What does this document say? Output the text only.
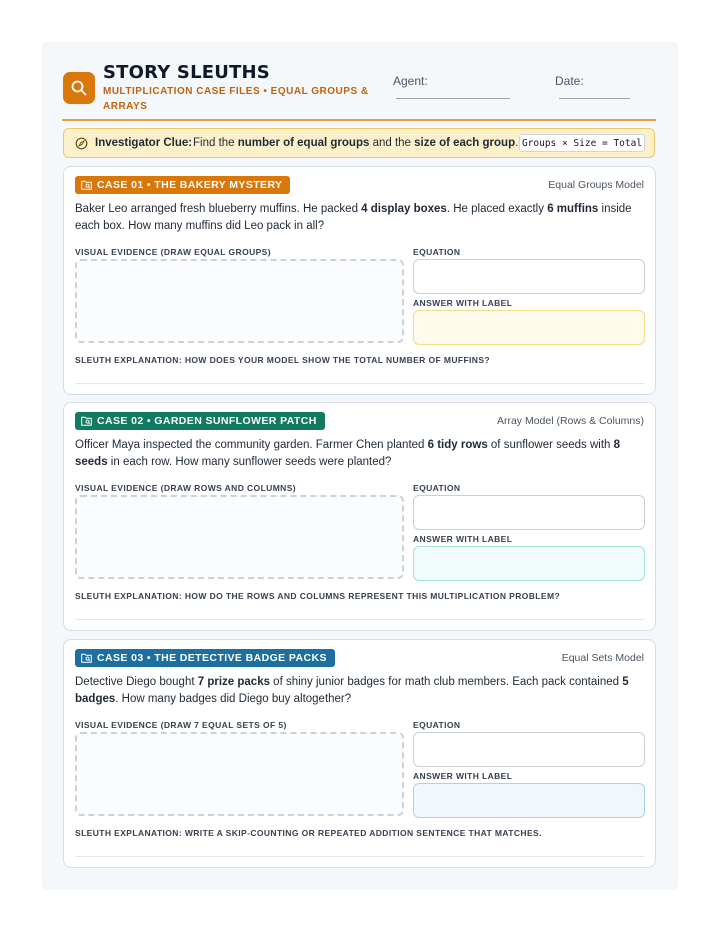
STORY SLEUTHS
MULTIPLICATION CASE FILES • EQUAL GROUPS & ARRAYS
Agent:	Date:
Investigator Clue: Find the number of equal groups and the size of each group. Groups × Size = Total
CASE 01 • THE BAKERY MYSTERY	Equal Groups Model
Baker Leo arranged fresh blueberry muffins. He packed 4 display boxes. He placed exactly 6 muffins inside each box. How many muffins did Leo pack in all?
VISUAL EVIDENCE (DRAW EQUAL GROUPS)	EQUATION
ANSWER WITH LABEL
SLEUTH EXPLANATION: HOW DOES YOUR MODEL SHOW THE TOTAL NUMBER OF MUFFINS?
CASE 02 • GARDEN SUNFLOWER PATCH	Array Model (Rows & Columns)
Officer Maya inspected the community garden. Farmer Chen planted 6 tidy rows of sunflower seeds with 8 seeds in each row. How many sunflower seeds were planted?
VISUAL EVIDENCE (DRAW ROWS AND COLUMNS)	EQUATION
ANSWER WITH LABEL
SLEUTH EXPLANATION: HOW DO THE ROWS AND COLUMNS REPRESENT THIS MULTIPLICATION PROBLEM?
CASE 03 • THE DETECTIVE BADGE PACKS	Equal Sets Model
Detective Diego bought 7 prize packs of shiny junior badges for math club members. Each pack contained 5 badges. How many badges did Diego buy altogether?
VISUAL EVIDENCE (DRAW 7 EQUAL SETS OF 5)	EQUATION
ANSWER WITH LABEL
SLEUTH EXPLANATION: WRITE A SKIP-COUNTING OR REPEATED ADDITION SENTENCE THAT MATCHES.
